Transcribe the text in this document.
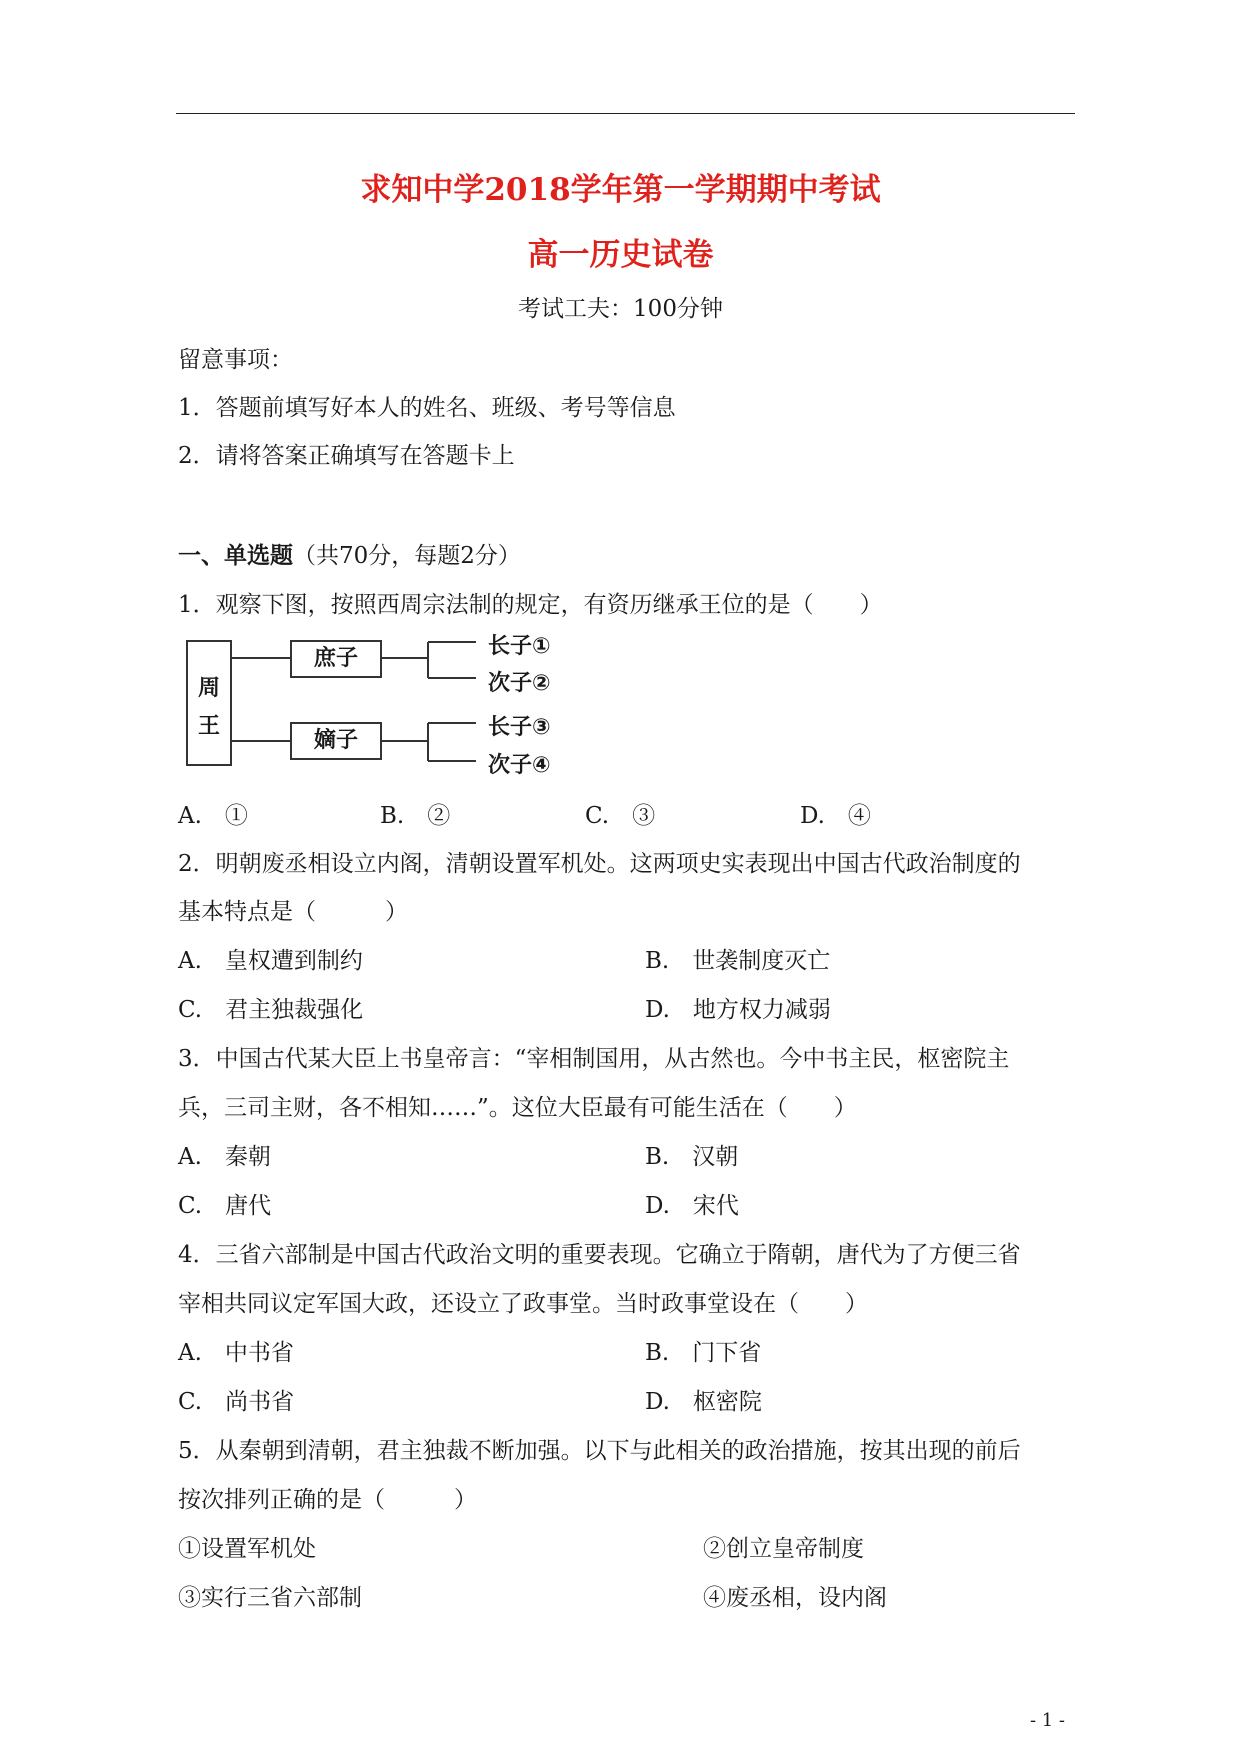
求知中学2018学年第一学期期中考试
高一历史试卷
考试工夫：100分钟
留意事项：
1．答题前填写好本人的姓名、班级、考号等信息
2．请将答案正确填写在答题卡上
一、单选题（共70分，每题2分）
1．观察下图，按照西周宗法制的规定，有资历继承王位的是（　　）
周王
庶子
嫡子
长子①
次子②
长子③
次子④
A.　①	B.　②	C.　③	D.　④
2．明朝废丞相设立内阁，清朝设置军机处。这两项史实表现出中国古代政治制度的
基本特点是（　　　）
A.　皇权遭到制约	B.　世袭制度灭亡
C.　君主独裁强化	D.　地方权力减弱
3．中国古代某大臣上书皇帝言：“宰相制国用，从古然也。今中书主民，枢密院主
兵，三司主财，各不相知……”。这位大臣最有可能生活在（　　）
A.　秦朝	B.　汉朝
C.　唐代	D.　宋代
4．三省六部制是中国古代政治文明的重要表现。它确立于隋朝，唐代为了方便三省
宰相共同议定军国大政，还设立了政事堂。当时政事堂设在（　　）
A.　中书省	B.　门下省
C.　尚书省	D.　枢密院
5．从秦朝到清朝，君主独裁不断加强。以下与此相关的政治措施，按其出现的前后
按次排列正确的是（　　　）
①设置军机处	②创立皇帝制度
③实行三省六部制	④废丞相，设内阁
- 1 -
